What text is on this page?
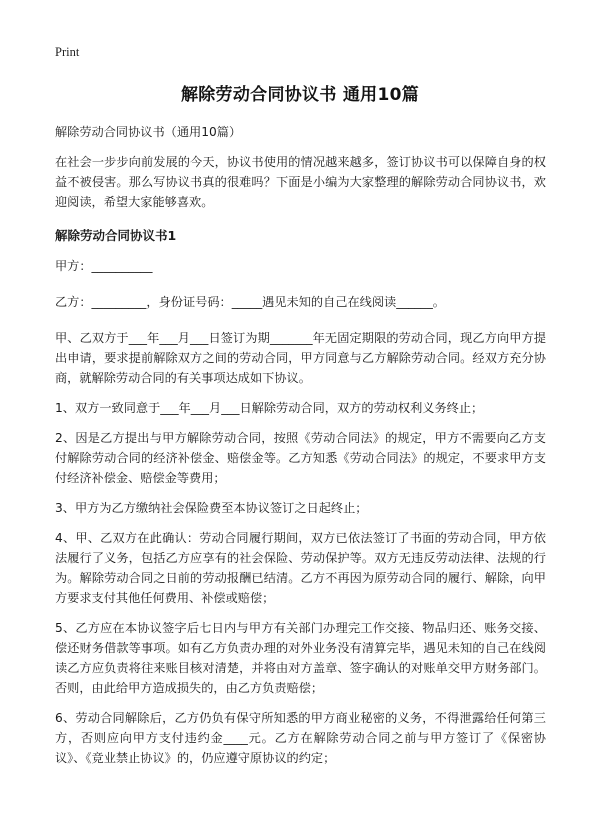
Print
解除劳动合同协议书 通用10篇
解除劳动合同协议书（通用10篇）

在社会一步步向前发展的今天，协议书使用的情况越来越多，签订协议书可以保障自身的权益不被侵害。那么写协议书真的很难吗？下面是小编为大家整理的解除劳动合同协议书，欢迎阅读，希望大家能够喜欢。

解除劳动合同协议书1
甲方：__________
乙方：_________，身份证号码：_____遇见未知的自己在线阅读______。

甲、乙双方于___年___月___日签订为期_______年无固定期限的劳动合同，现乙方向甲方提出申请，要求提前解除双方之间的劳动合同，甲方同意与乙方解除劳动合同。经双方充分协商，就解除劳动合同的有关事项达成如下协议。

1、双方一致同意于___年___月___日解除劳动合同，双方的劳动权利义务终止；

2、因是乙方提出与甲方解除劳动合同，按照《劳动合同法》的规定，甲方不需要向乙方支付解除劳动合同的经济补偿金、赔偿金等。乙方知悉《劳动合同法》的规定，不要求甲方支付经济补偿金、赔偿金等费用；

3、甲方为乙方缴纳社会保险费至本协议签订之日起终止；

4、甲、乙双方在此确认：劳动合同履行期间，双方已依法签订了书面的劳动合同，甲方依法履行了义务，包括乙方应享有的社会保险、劳动保护等。双方无违反劳动法律、法规的行为。解除劳动合同之日前的劳动报酬已结清。乙方不再因为原劳动合同的履行、解除，向甲方要求支付其他任何费用、补偿或赔偿；

5、乙方应在本协议签字后七日内与甲方有关部门办理完工作交接、物品归还、账务交接、偿还财务借款等事项。如有乙方负责办理的对外业务没有清算完毕，遇见未知的自己在线阅读乙方应负责将往来账目核对清楚，并将由对方盖章、签字确认的对账单交甲方财务部门。否则，由此给甲方造成损失的，由乙方负责赔偿；

6、劳动合同解除后，乙方仍负有保守所知悉的甲方商业秘密的义务，不得泄露给任何第三方，否则应向甲方支付违约金____元。乙方在解除劳动合同之前与甲方签订了《保密协议》、《竞业禁止协议》的，仍应遵守原协议的约定；
